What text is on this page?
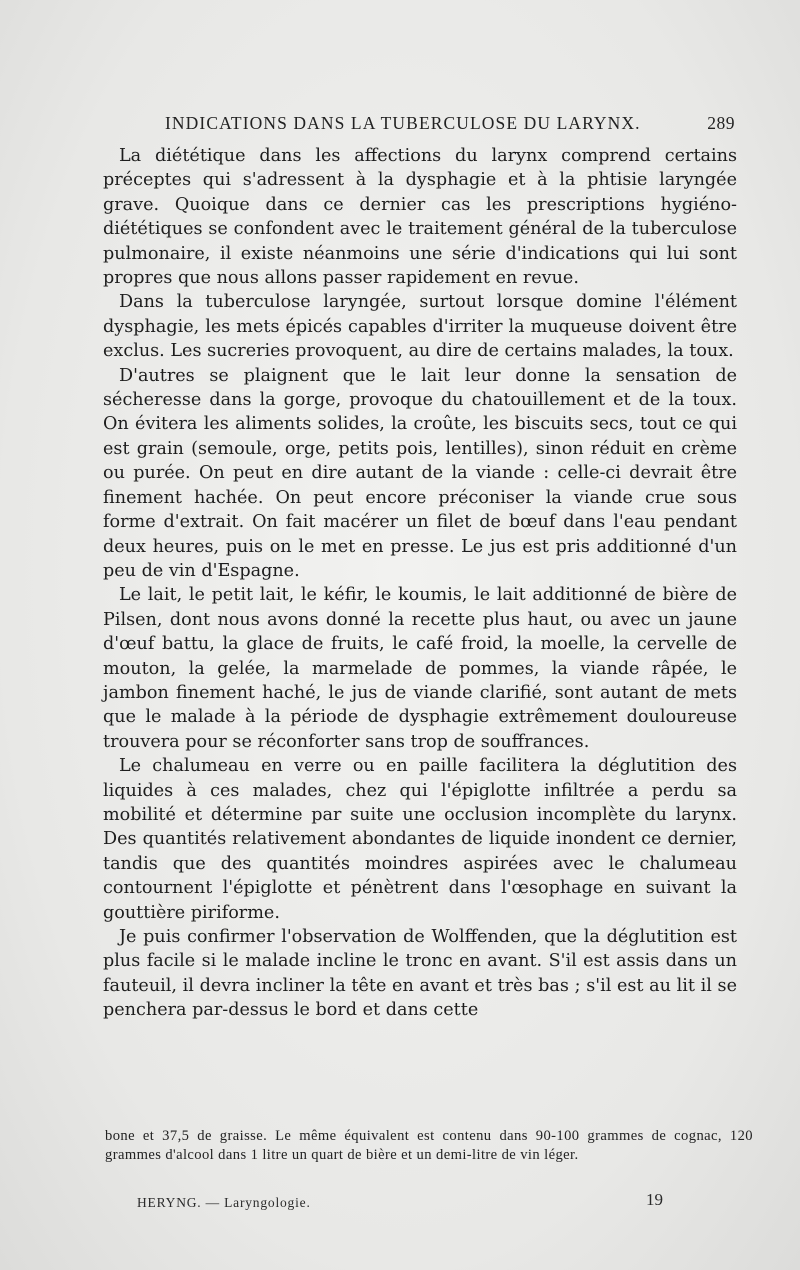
INDICATIONS DANS LA TUBERCULOSE DU LARYNX.	289

La diététique dans les affections du larynx comprend certains préceptes qui s'adressent à la dysphagie et à la phtisie laryngée grave. Quoique dans ce dernier cas les prescriptions hygiéno-diététiques se confondent avec le traitement général de la tuberculose pulmonaire, il existe néanmoins une série d'indications qui lui sont propres que nous allons passer rapidement en revue.

Dans la tuberculose laryngée, surtout lorsque domine l'élément dysphagie, les mets épicés capables d'irriter la muqueuse doivent être exclus. Les sucreries provoquent, au dire de certains malades, la toux.

D'autres se plaignent que le lait leur donne la sensation de sécheresse dans la gorge, provoque du chatouillement et de la toux. On évitera les aliments solides, la croûte, les biscuits secs, tout ce qui est grain (semoule, orge, petits pois, lentilles), sinon réduit en crème ou purée. On peut en dire autant de la viande : celle-ci devrait être finement hachée. On peut encore préconiser la viande crue sous forme d'extrait. On fait macérer un filet de bœuf dans l'eau pendant deux heures, puis on le met en presse. Le jus est pris additionné d'un peu de vin d'Espagne.

Le lait, le petit lait, le kéfir, le koumis, le lait additionné de bière de Pilsen, dont nous avons donné la recette plus haut, ou avec un jaune d'œuf battu, la glace de fruits, le café froid, la moelle, la cervelle de mouton, la gelée, la marmelade de pommes, la viande râpée, le jambon finement haché, le jus de viande clarifié, sont autant de mets que le malade à la période de dysphagie extrêmement douloureuse trouvera pour se réconforter sans trop de souffrances.

Le chalumeau en verre ou en paille facilitera la déglutition des liquides à ces malades, chez qui l'épiglotte infiltrée a perdu sa mobilité et détermine par suite une occlusion incomplète du larynx. Des quantités relativement abondantes de liquide inondent ce dernier, tandis que des quantités moindres aspirées avec le chalumeau contournent l'épiglotte et pénètrent dans l'œsophage en suivant la gouttière piriforme.

Je puis confirmer l'observation de Wolffenden, que la déglutition est plus facile si le malade incline le tronc en avant. S'il est assis dans un fauteuil, il devra incliner la tête en avant et très bas ; s'il est au lit il se penchera par-dessus le bord et dans cette

bone et 37,5 de graisse. Le même équivalent est contenu dans 90-100 grammes de cognac, 120 grammes d'alcool dans 1 litre un quart de bière et un demi-litre de vin léger.
HERYNG. — Laryngologie.	19
